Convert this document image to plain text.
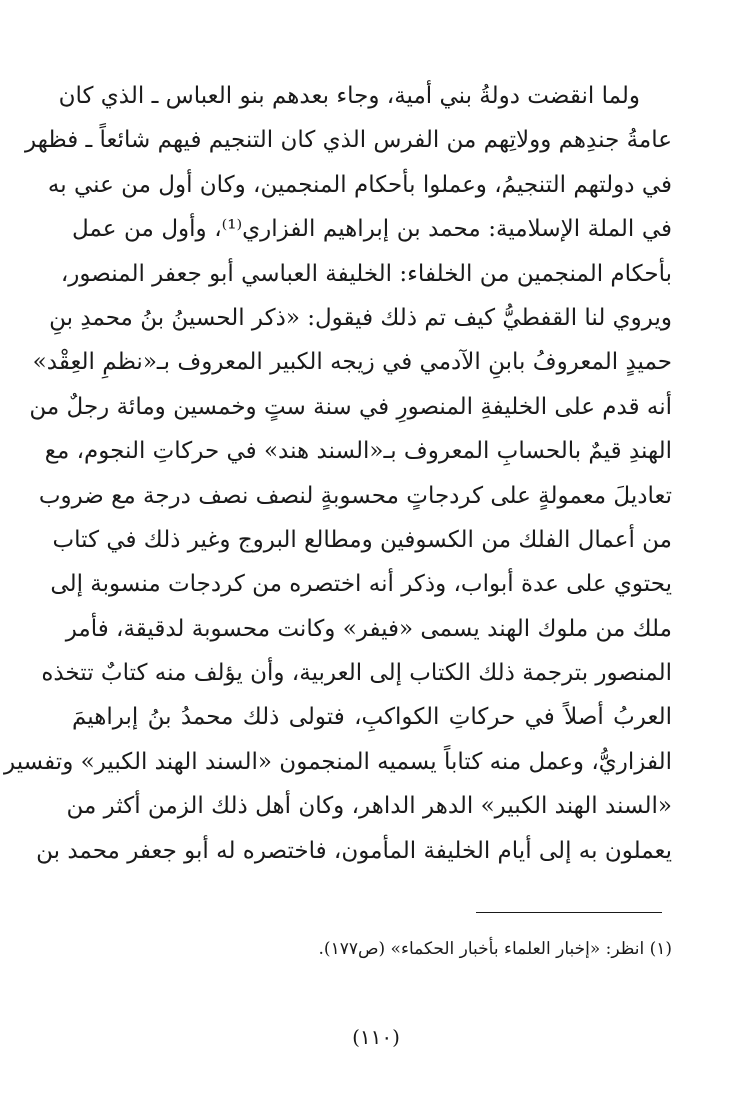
ولما انقضت دولةُ بني أمية، وجاء بعدهم بنو العباس ـ الذي كان
عامةُ جندِهم وولاتِهم من الفرس الذي كان التنجيم فيهم شائعاً ـ فظهر
في دولتهم التنجيمُ، وعملوا بأحكام المنجمين، وكان أول من عني به
في الملة الإسلامية: محمد بن إبراهيم الفزاري⁽¹⁾، وأول من عمل
بأحكام المنجمين من الخلفاء: الخليفة العباسي أبو جعفر المنصور،
ويروي لنا القفطيُّ كيف تم ذلك فيقول: «ذكر الحسينُ بنُ محمدِ بنِ
حميدٍ المعروفُ بابنِ الآدمي في زيجه الكبير المعروف بـ«نظمِ العِقْد»
أنه قدم على الخليفةِ المنصورِ في سنة ستٍ وخمسين ومائة رجلٌ من
الهندِ قيمٌ بالحسابِ المعروف بـ«السند هند» في حركاتِ النجوم، مع
تعاديلَ معمولةٍ على كردجاتٍ محسوبةٍ لنصف نصف درجة مع ضروب
من أعمال الفلك من الكسوفين ومطالع البروج وغير ذلك في كتاب
يحتوي على عدة أبواب، وذكر أنه اختصره من كردجات منسوبة إلى
ملك من ملوك الهند يسمى «فيفر» وكانت محسوبة لدقيقة، فأمر
المنصور بترجمة ذلك الكتاب إلى العربية، وأن يؤلف منه كتابٌ تتخذه
العربُ أصلاً في حركاتِ الكواكبِ، فتولى ذلك محمدُ بنُ إبراهيمَ
الفزاريُّ، وعمل منه كتاباً يسميه المنجمون «السند الهند الكبير» وتفسير
«السند الهند الكبير» الدهر الداهر، وكان أهل ذلك الزمن أكثر من
يعملون به إلى أيام الخليفة المأمون، فاختصره له أبو جعفر محمد بن
(١) انظر: «إخبار العلماء بأخبار الحكماء» (ص١٧٧).
(١١٠)
